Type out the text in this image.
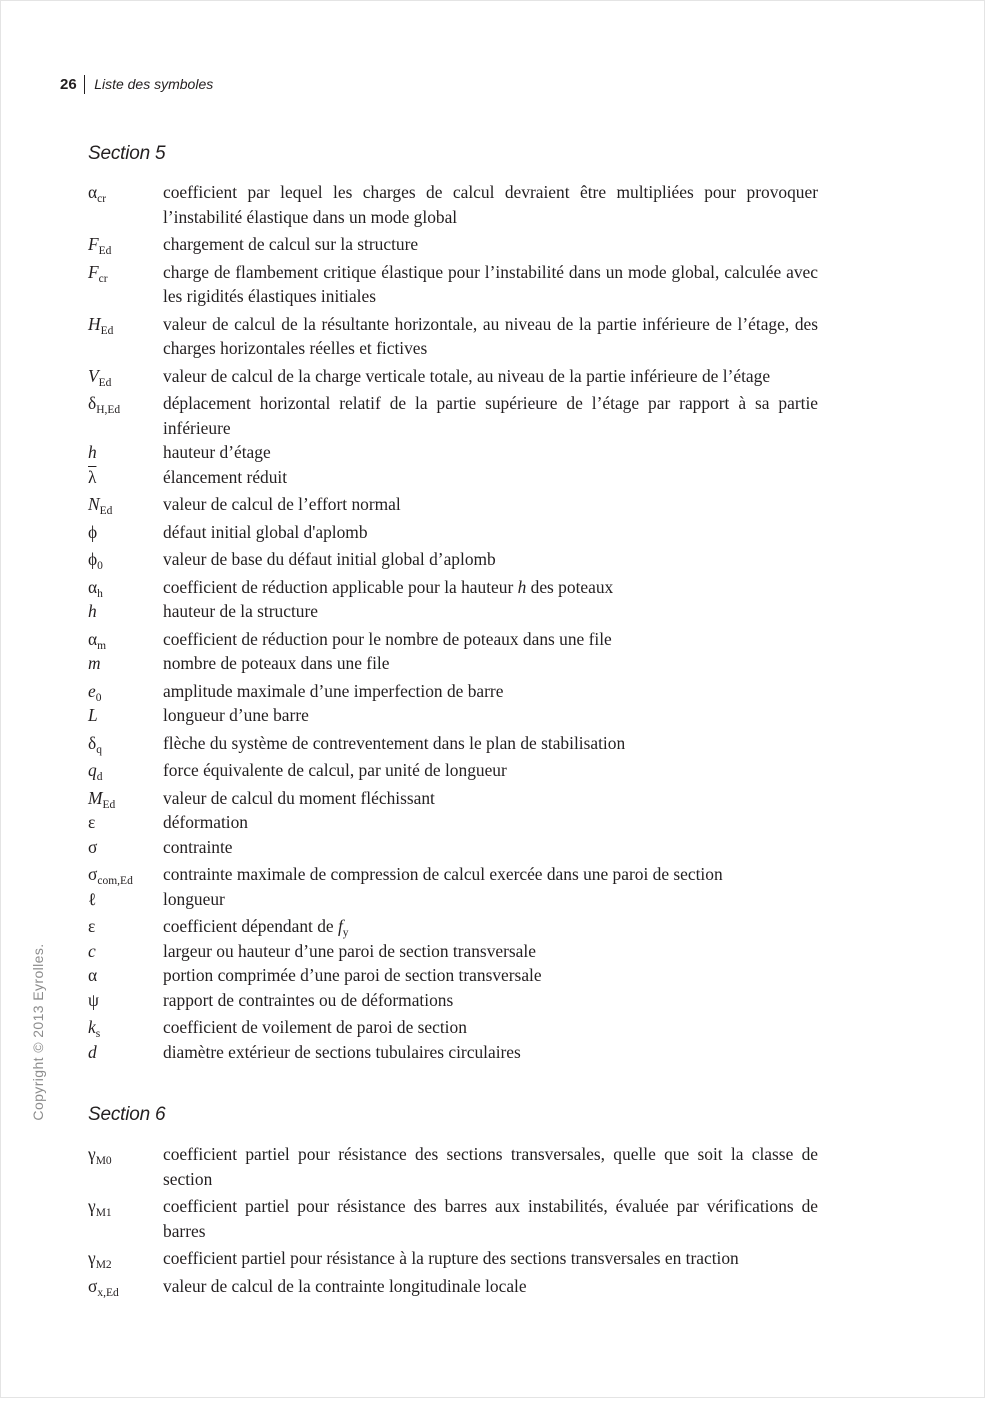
26 Liste des symboles
Copyright © 2013 Eyrolles.
Section 5
$\alpha_{cr}$	coefficient par lequel les charges de calcul devraient être multipliées pour provoquer l’instabilité élastique dans un mode global
$F_{Ed}$	chargement de calcul sur la structure
$F_{cr}$	charge de flambement critique élastique pour l’instabilité dans un mode global, calculée avec les rigidités élastiques initiales
$H_{Ed}$	valeur de calcul de la résultante horizontale, au niveau de la partie inférieure de l’étage, des charges horizontales réelles et fictives
$V_{Ed}$	valeur de calcul de la charge verticale totale, au niveau de la partie inférieure de l’étage
$\delta_{H,Ed}$	déplacement horizontal relatif de la partie supérieure de l’étage par rapport à sa partie inférieure
h	hauteur d’étage
$\overline{\lambda}$	élancement réduit
$N_{Ed}$	valeur de calcul de l’effort normal
ϕ	défaut initial global d'aplomb
$\phi_0$	valeur de base du défaut initial global d’aplomb
$\alpha_h$	coefficient de réduction applicable pour la hauteur h des poteaux
h	hauteur de la structure
$\alpha_m$	coefficient de réduction pour le nombre de poteaux dans une file
m	nombre de poteaux dans une file
$e_0$	amplitude maximale d’une imperfection de barre
L	longueur d’une barre
$\delta_q$	flèche du système de contreventement dans le plan de stabilisation
$q_d$	force équivalente de calcul, par unité de longueur
$M_{Ed}$	valeur de calcul du moment fléchissant
ε	déformation
σ	contrainte
$\sigma_{com,Ed}$	contrainte maximale de compression de calcul exercée dans une paroi de section
ℓ	longueur
ε	coefficient dépendant de $f_y$
c	largeur ou hauteur d’une paroi de section transversale
α	portion comprimée d’une paroi de section transversale
ψ	rapport de contraintes ou de déformations
$k_s$	coefficient de voilement de paroi de section
d	diamètre extérieur de sections tubulaires circulaires
Section 6
$\gamma_{M0}$	coefficient partiel pour résistance des sections transversales, quelle que soit la classe de section
$\gamma_{M1}$	coefficient partiel pour résistance des barres aux instabilités, évaluée par vérifications de barres
$\gamma_{M2}$	coefficient partiel pour résistance à la rupture des sections transversales en traction
$\sigma_{x,Ed}$	valeur de calcul de la contrainte longitudinale locale
